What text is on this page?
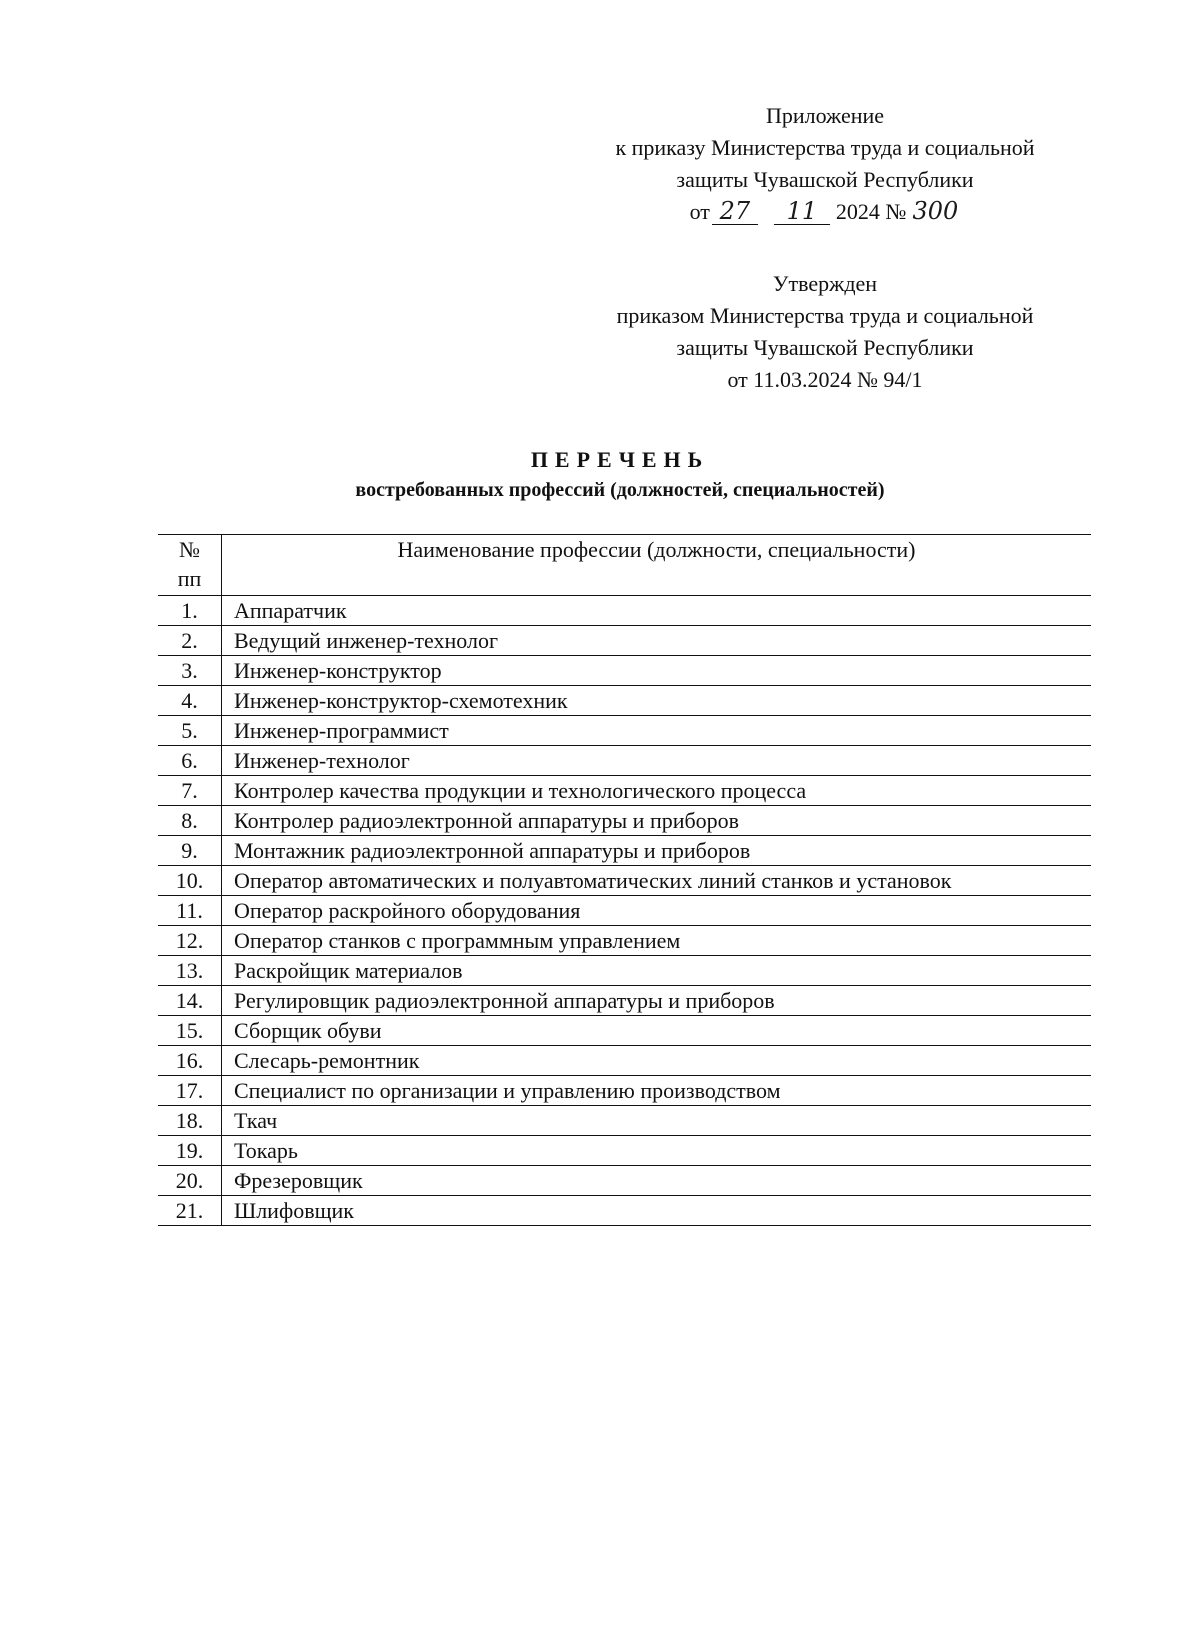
Приложение
к приказу Министерства труда и социальной
защиты Чувашской Республики
от 27 11 2024 № 300
Утвержден
приказом Министерства труда и социальной
защиты Чувашской Республики
от 11.03.2024 № 94/1
ПЕРЕЧЕНЬ
востребованных профессий (должностей, специальностей)
№
пп	Наименование профессии (должности, специальности)
1.	Аппаратчик
2.	Ведущий инженер-технолог
3.	Инженер-конструктор
4.	Инженер-конструктор-схемотехник
5.	Инженер-программист
6.	Инженер-технолог
7.	Контролер качества продукции и технологического процесса
8.	Контролер радиоэлектронной аппаратуры и приборов
9.	Монтажник радиоэлектронной аппаратуры и приборов
10.	Оператор автоматических и полуавтоматических линий станков и установок
11.	Оператор раскройного оборудования
12.	Оператор станков с программным управлением
13.	Раскройщик материалов
14.	Регулировщик радиоэлектронной аппаратуры и приборов
15.	Сборщик обуви
16.	Слесарь-ремонтник
17.	Специалист по организации и управлению производством
18.	Ткач
19.	Токарь
20.	Фрезеровщик
21.	Шлифовщик
